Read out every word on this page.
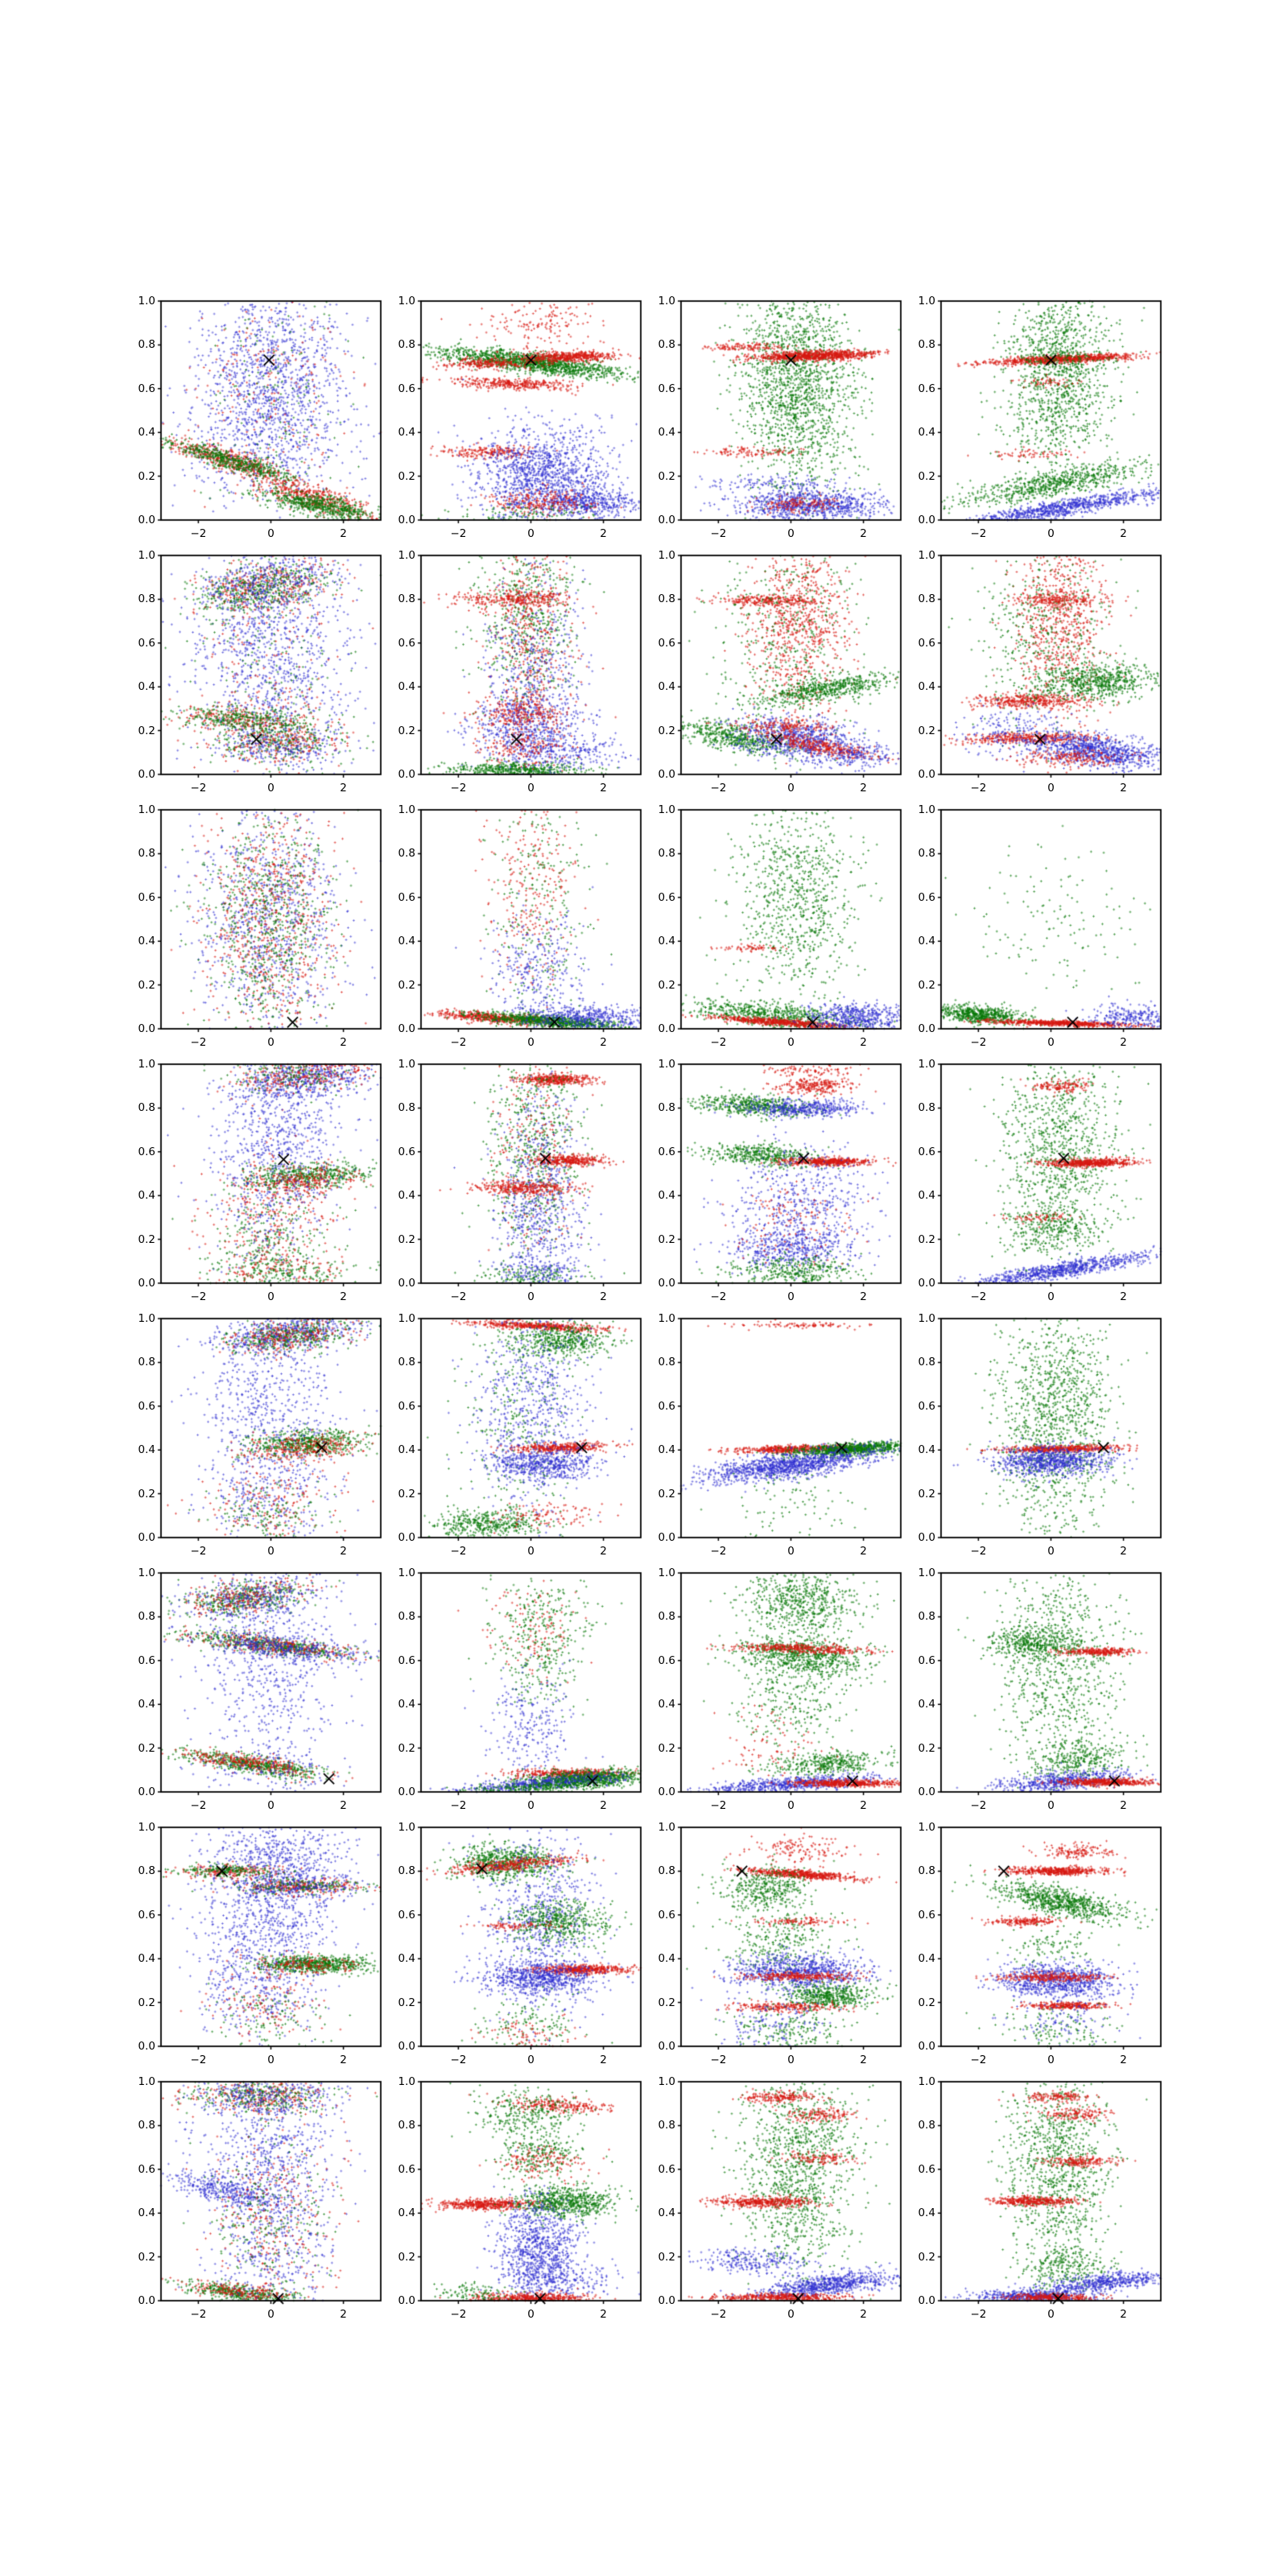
0.0
0.2
0.4
0.6
0.8
1.0
−2	0	2
0.0
0.2
0.4
0.6
0.8
1.0
−2	0	2
0.0
0.2
0.4
0.6
0.8
1.0
−2	0	2
0.0
0.2
0.4
0.6
0.8
1.0
−2	0	2
0.0
0.2
0.4
0.6
0.8
1.0
−2	0	2
0.0
0.2
0.4
0.6
0.8
1.0
−2	0	2
0.0
0.2
0.4
0.6
0.8
1.0
−2	0	2
0.0
0.2
0.4
0.6
0.8
1.0
−2	0	2
0.0
0.2
0.4
0.6
0.8
1.0
−2	0	2
0.0
0.2
0.4
0.6
0.8
1.0
−2	0	2
0.0
0.2
0.4
0.6
0.8
1.0
−2	0	2
0.0
0.2
0.4
0.6
0.8
1.0
−2	0	2
0.0
0.2
0.4
0.6
0.8
1.0
−2	0	2
0.0
0.2
0.4
0.6
0.8
1.0
−2	0	2
0.0
0.2
0.4
0.6
0.8
1.0
−2	0	2
0.0
0.2
0.4
0.6
0.8
1.0
−2	0	2
0.0
0.2
0.4
0.6
0.8
1.0
−2	0	2
0.0
0.2
0.4
0.6
0.8
1.0
−2	0	2
0.0
0.2
0.4
0.6
0.8
1.0
−2	0	2
0.0
0.2
0.4
0.6
0.8
1.0
−2	0	2
0.0
0.2
0.4
0.6
0.8
1.0
−2	0	2
0.0
0.2
0.4
0.6
0.8
1.0
−2	0	2
0.0
0.2
0.4
0.6
0.8
1.0
−2	0	2
0.0
0.2
0.4
0.6
0.8
1.0
−2	0	2
0.0
0.2
0.4
0.6
0.8
1.0
−2	0	2
0.0
0.2
0.4
0.6
0.8
1.0
−2	0	2
0.0
0.2
0.4
0.6
0.8
1.0
−2	0	2
0.0
0.2
0.4
0.6
0.8
1.0
−2	0	2
0.0
0.2
0.4
0.6
0.8
1.0
−2	0	2
0.0
0.2
0.4
0.6
0.8
1.0
−2	0	2
0.0
0.2
0.4
0.6
0.8
1.0
−2	0	2
0.0
0.2
0.4
0.6
0.8
1.0
−2	0	2
